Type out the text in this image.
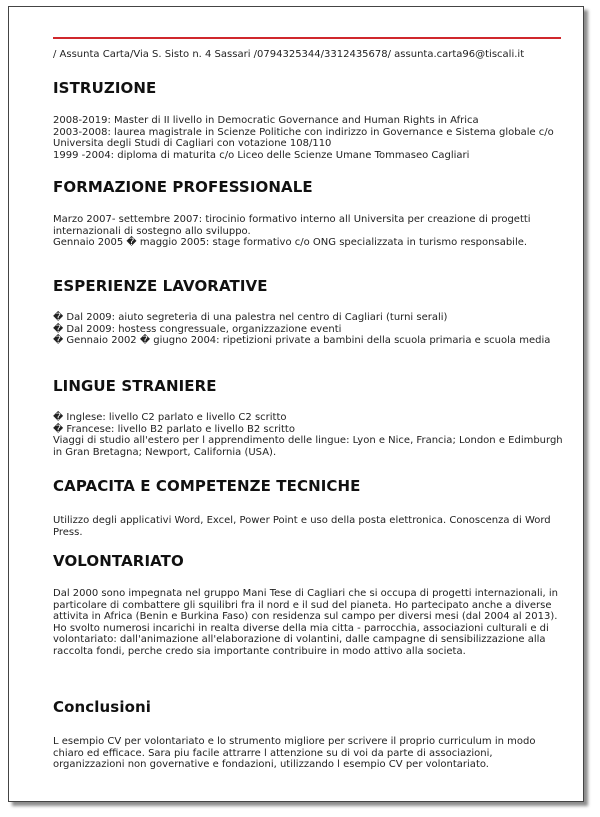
/ Assunta Carta/Via S. Sisto n. 4 Sassari /0794325344/3312435678/ assunta.carta96@tiscali.it
ISTRUZIONE

2008-2019: Master di II livello in Democratic Governance and Human Rights in Africa

2003-2008: laurea magistrale in Scienze Politiche con indirizzo in Governance e Sistema globale c/o Universita degli Studi di Cagliari con votazione 108/110

1999 -2004: diploma di maturita c/o Liceo delle Scienze Umane Tommaseo Cagliari

FORMAZIONE PROFESSIONALE

Marzo 2007- settembre 2007: tirocinio formativo interno all Universita per creazione di progetti internazionali di sostegno allo sviluppo.

Gennaio 2005 � maggio 2005: stage formativo c/o ONG specializzata in turismo responsabile.

ESPERIENZE LAVORATIVE

� Dal 2009: aiuto segreteria di una palestra nel centro di Cagliari (turni serali)

� Dal 2009: hostess congressuale, organizzazione eventi

� Gennaio 2002 � giugno 2004: ripetizioni private a bambini della scuola primaria e scuola media

LINGUE STRANIERE

� Inglese: livello C2 parlato e livello C2 scritto

� Francese: livello B2 parlato e livello B2 scritto

Viaggi di studio all'estero per l apprendimento delle lingue: Lyon e Nice, Francia; London e Edimburgh in Gran Bretagna; Newport, California (USA).

CAPACITA E COMPETENZE TECNICHE

Utilizzo degli applicativi Word, Excel, Power Point e uso della posta elettronica. Conoscenza di Word Press.

VOLONTARIATO

Dal 2000 sono impegnata nel gruppo Mani Tese di Cagliari che si occupa di progetti internazionali, in particolare di combattere gli squilibri fra il nord e il sud del pianeta. Ho partecipato anche a diverse attivita in Africa (Benin e Burkina Faso) con residenza sul campo per diversi mesi (dal 2004 al 2013).

Ho svolto numerosi incarichi in realta diverse della mia citta - parrocchia, associazioni culturali e di volontariato: dall'animazione all'elaborazione di volantini, dalle campagne di sensibilizzazione alla raccolta fondi, perche credo sia importante contribuire in modo attivo alla societa.

Conclusioni

L esempio CV per volontariato e lo strumento migliore per scrivere il proprio curriculum in modo chiaro ed efficace. Sara piu facile attrarre l attenzione su di voi da parte di associazioni, organizzazioni non governative e fondazioni, utilizzando l esempio CV per volontariato.
